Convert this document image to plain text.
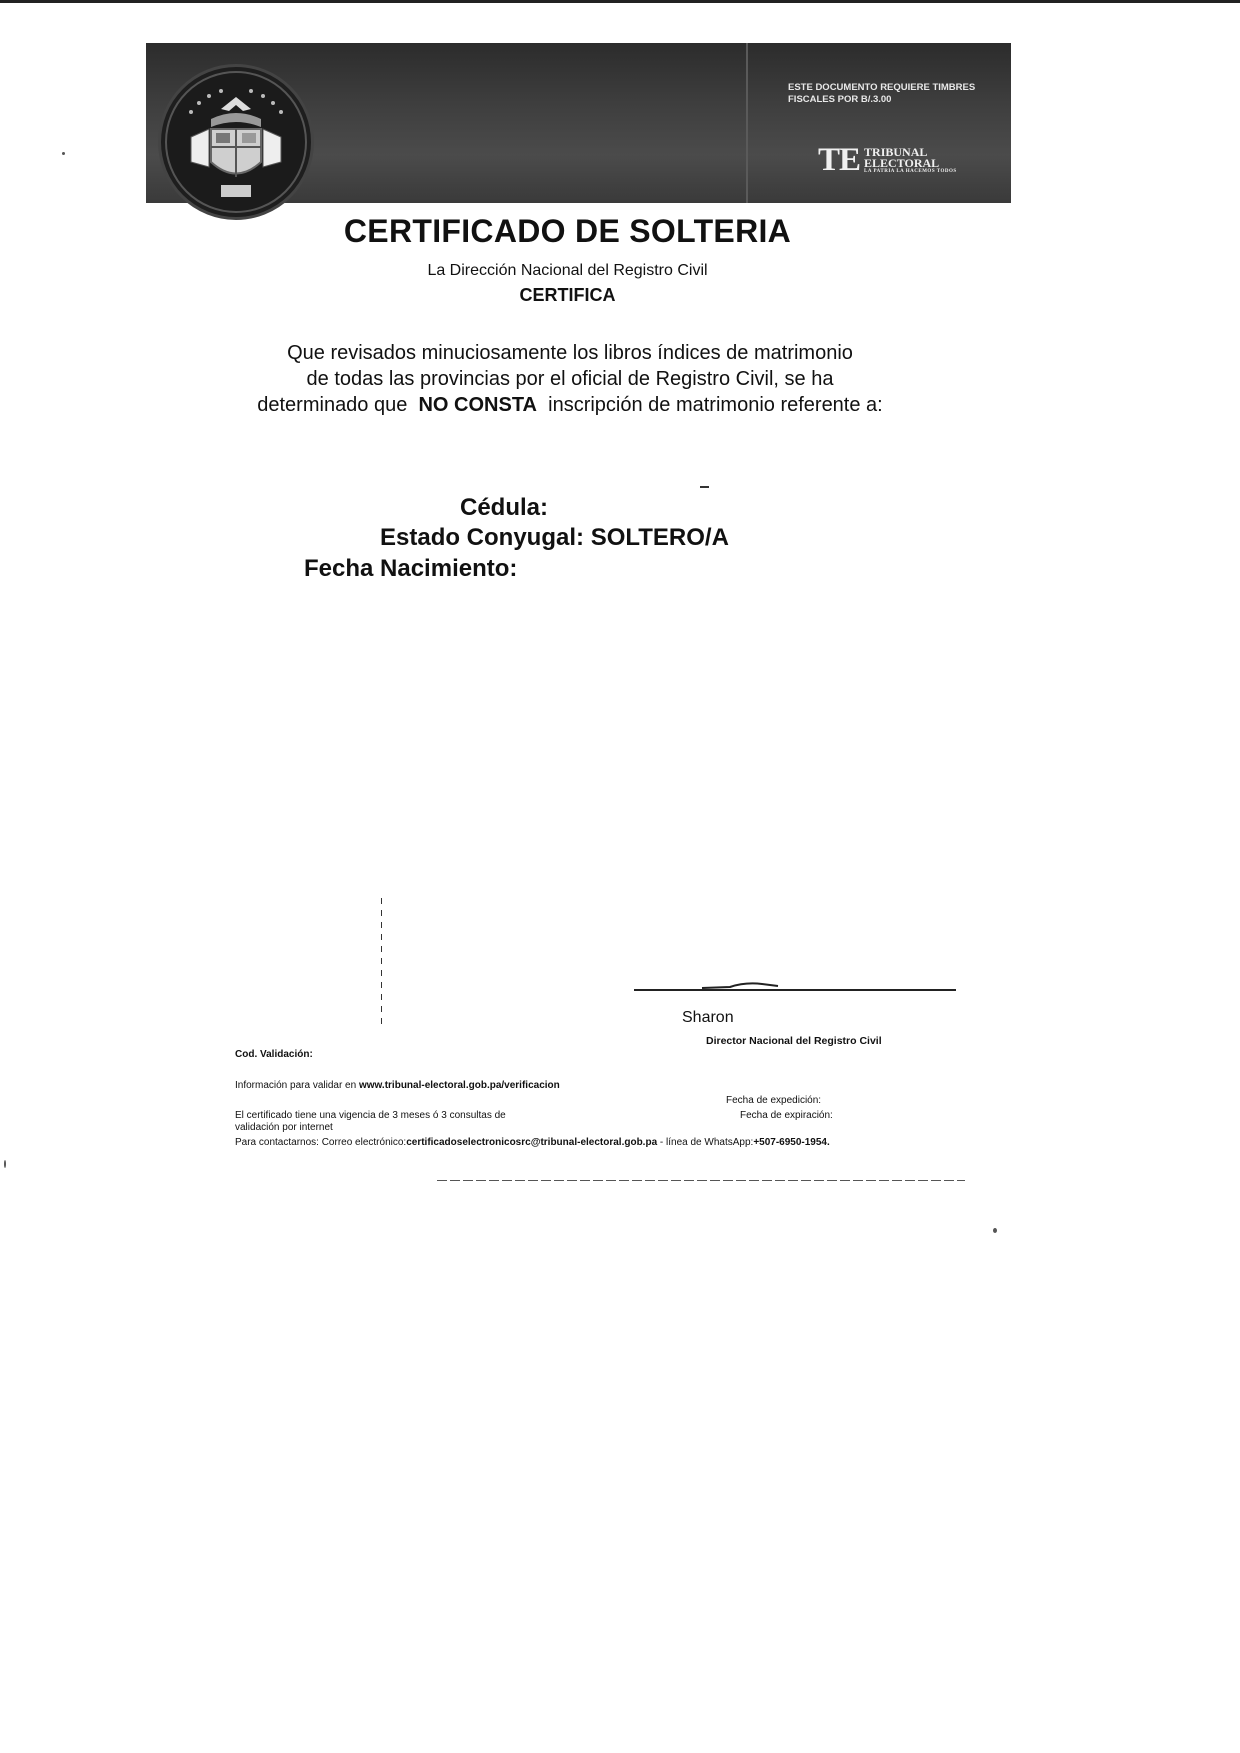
ESTE DOCUMENTO REQUIERE TIMBRES
FISCALES POR B/.3.00
TE TRIBUNAL
ELECTORAL
LA PATRIA LA HACEMOS TODOS
CERTIFICADO DE SOLTERIA
La Dirección Nacional del Registro Civil
CERTIFICA
Que revisados minuciosamente los libros índices de matrimonio
de todas las provincias por el oficial de Registro Civil, se ha
determinado que NO CONSTA inscripción de matrimonio referente a:
Cédula:
Estado Conyugal: SOLTERO/A
Fecha Nacimiento:
Sharon
Director Nacional del Registro Civil
Cod. Validación:
Información para validar en www.tribunal-electoral.gob.pa/verificacion
Fecha de expedición:
Fecha de expiración:
El certificado tiene una vigencia de 3 meses ó 3 consultas de
validación por internet
Para contactarnos: Correo electrónico:certificadoselectronicosrc@tribunal-electoral.gob.pa - línea de WhatsApp:+507-6950-1954.
